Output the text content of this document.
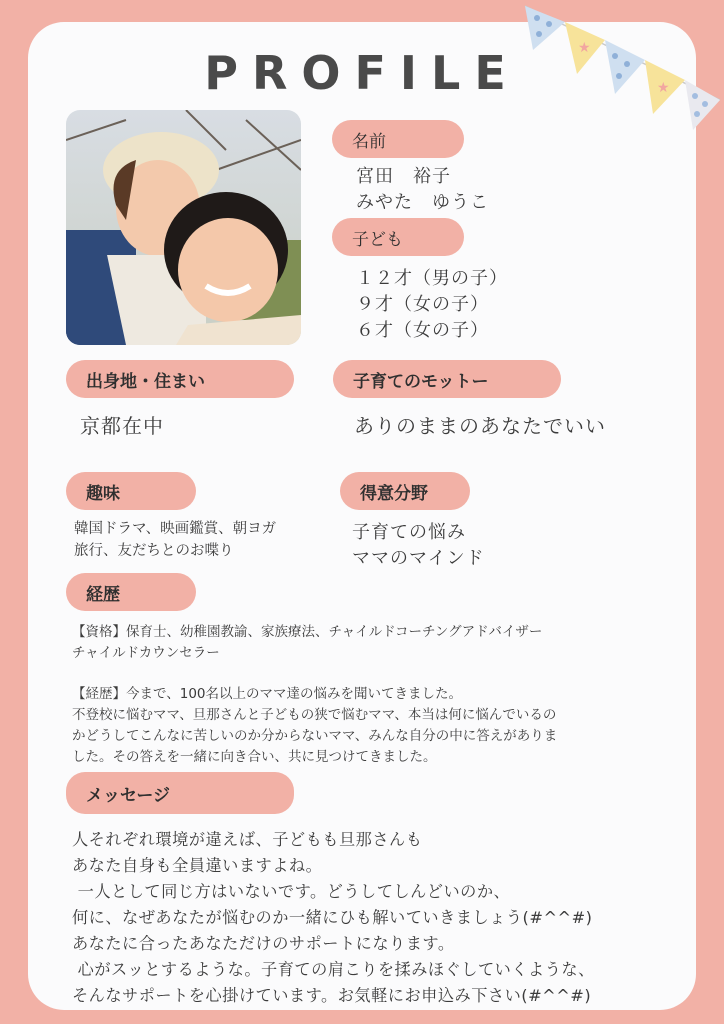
★
★
PROFILE
名前
宮田　裕子
みやた　ゆうこ
子ども
１２才（男の子）
９才（女の子）
６才（女の子）
出身地・住まい
京都在中
子育てのモットー
ありのままのあなたでいい
趣味
韓国ドラマ、映画鑑賞、朝ヨガ
旅行、友だちとのお喋り
得意分野
子育ての悩み
ママのマインド
経歴
【資格】保育士、幼稚園教諭、家族療法、チャイルドコーチングアドバイザー
チャイルドカウンセラー
【経歴】今まで、100名以上のママ達の悩みを聞いてきました。
不登校に悩むママ、旦那さんと子どもの狭で悩むママ、本当は何に悩んでいるの
かどうしてこんなに苦しいのか分からないママ、みんな自分の中に答えがありま
した。その答えを一緒に向き合い、共に見つけてきました。
メッセージ
人それぞれ環境が違えば、子どもも旦那さんも
あなた自身も全員違いますよね。
一人として同じ方はいないです。どうしてしんどいのか、
何に、なぜあなたが悩むのか一緒にひも解いていきましょう(#^^#)
あなたに合ったあなただけのサポートになります。
心がスッとするような。子育ての肩こりを揉みほぐしていくような、
そんなサポートを心掛けています。お気軽にお申込み下さい(#^^#)
